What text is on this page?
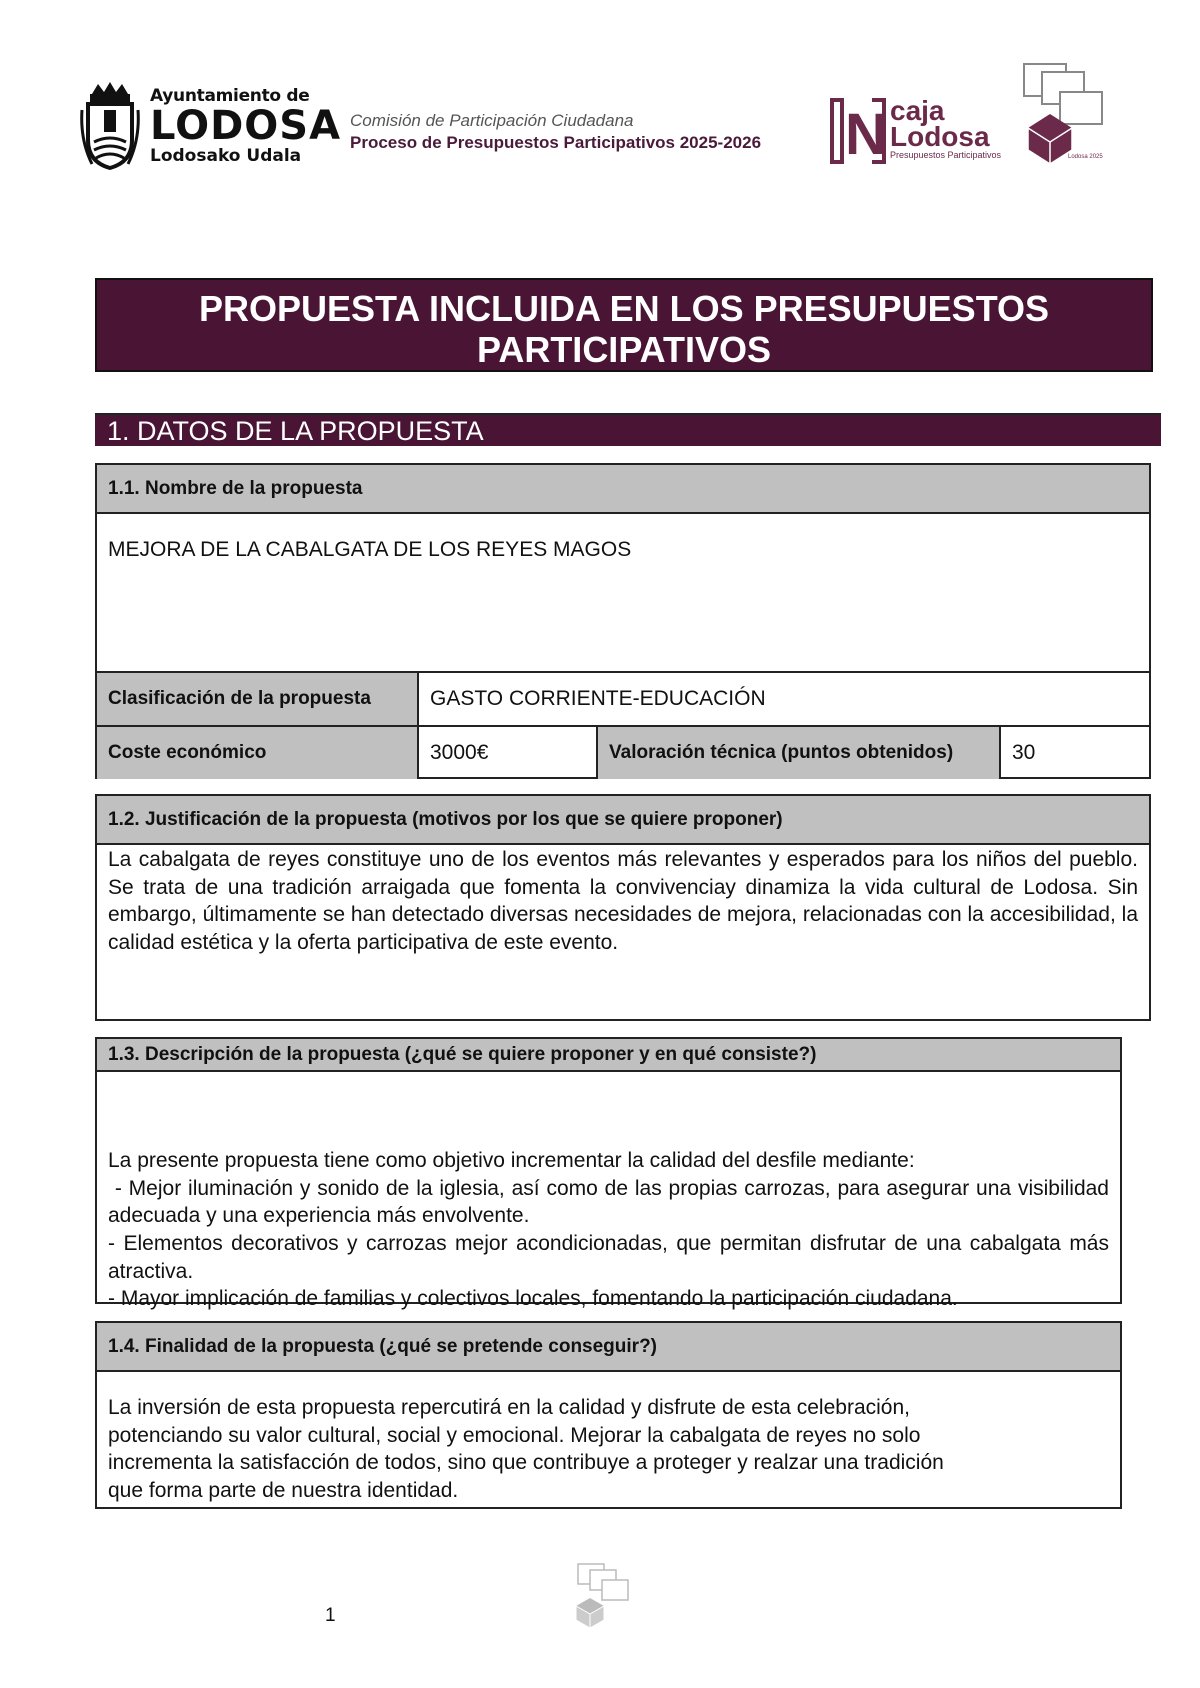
Ayuntamiento de
LODOSA
Lodosako Udala
Comisión de Participación Ciudadana
Proceso de Presupuestos Participativos 2025-2026 N caja
Lodosa
Presupuestos Participativos	Lodosa 2025
PROPUESTA INCLUIDA EN LOS PRESUPUESTOS
PARTICIPATIVOS
1. DATOS DE LA PROPUESTA
1.1. Nombre de la propuesta
MEJORA DE LA CABALGATA DE LOS REYES MAGOS
Clasificación de la propuesta	GASTO CORRIENTE-EDUCACIÓN
Coste económico	3000€	Valoración técnica (puntos obtenidos)	30
1.2. Justificación de la propuesta (motivos por los que se quiere proponer)
La cabalgata de reyes constituye uno de los eventos más relevantes y esperados para los niños del pueblo. Se trata de una tradición arraigada que fomenta la convivenciay dinamiza la vida cultural de Lodosa. Sin embargo, últimamente se han detectado diversas necesidades de mejora, relacionadas con la accesibilidad, la calidad estética y la oferta participativa de este evento.
1.3. Descripción de la propuesta (¿qué se quiere proponer y en qué consiste?)

La presente propuesta tiene como objetivo incrementar la calidad del desfile mediante:
- Mejor iluminación y sonido de la iglesia, así como de las propias carrozas, para asegurar una visibilidad adecuada y una experiencia más envolvente.
- Elementos decorativos y carrozas mejor acondicionadas, que permitan disfrutar de una cabalgata más atractiva.
- Mayor implicación de familias y colectivos locales, fomentando la participación ciudadana.

1.4. Finalidad de la propuesta (¿qué se pretende conseguir?)
La inversión de esta propuesta repercutirá en la calidad y disfrute de esta celebración,
potenciando su valor cultural, social y emocional. Mejorar la cabalgata de reyes no solo
incrementa la satisfacción de todos, sino que contribuye a proteger y realzar una tradición
que forma parte de nuestra identidad.
1
